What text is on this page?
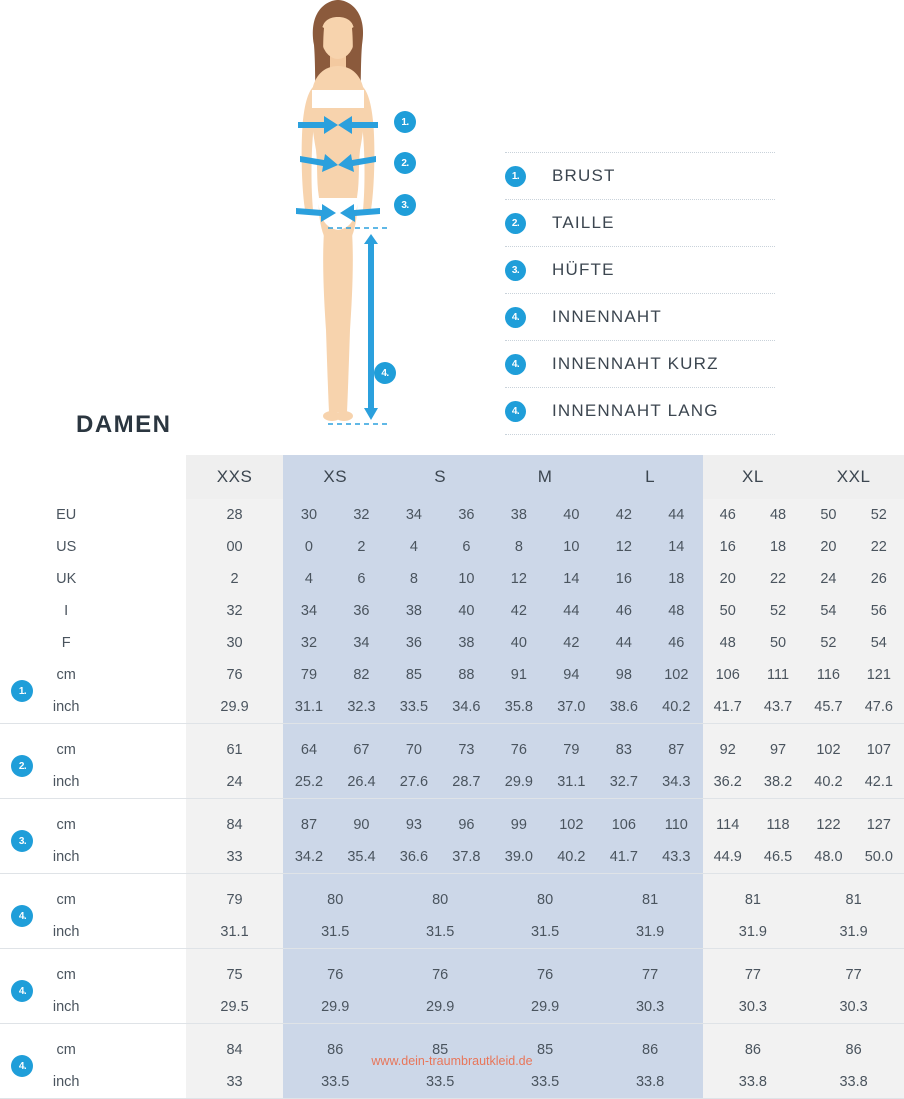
1.
2.
3.
4.
1.	BRUST
2.	TAILLE
3.	HÜFTE
4.	INNENNAHT
4.	INNENNAHT KURZ
4.	INNENNAHT LANG
DAMEN
			XXS	XS	S	M	L	XL	XXL
	EU		28	30 32	34 36	38 40	42 44	46 48	50 52

	US		00	0 2	4 6	8 10	12 14	16 18	20 22

	UK		2	4 6	8 10	12 14	16 18	20 22	24 26

	I		32	34 36	38 40	42 44	46 48	50 52	54 56

	F		30	32 34	36 38	40 42	44 46	48 50	52 54

1.	cm		76	79 82	85 88	91 94	98 102	106 111	116 121

	inch		29.9	31.1 32.3	33.5 34.6	35.8 37.0	38.6 40.2	41.7 43.7	45.7 47.6

2.	cm		61	64 67	70 73	76 79	83 87	92 97	102 107

	inch		24	25.2 26.4	27.6 28.7	29.9 31.1	32.7 34.3	36.2 38.2	40.2 42.1

3.	cm		84	87 90	93 96	99 102	106 110	114 118	122 127

	inch		33	34.2 35.4	36.6 37.8	39.0 40.2	41.7 43.3	44.9 46.5	48.0 50.0

4.	cm		79	80	80	80	81	81	81

	inch		31.1	31.5	31.5	31.5	31.9	31.9	31.9

4.	cm		75	76	76	76	77	77	77

	inch		29.5	29.9	29.9	29.9	30.3	30.3	30.3

4.	cm		84	86	85	85	86	86	86

	inch		33	33.5	33.5	33.5	33.8	33.8	33.8
www.dein-traumbrautkleid.de
